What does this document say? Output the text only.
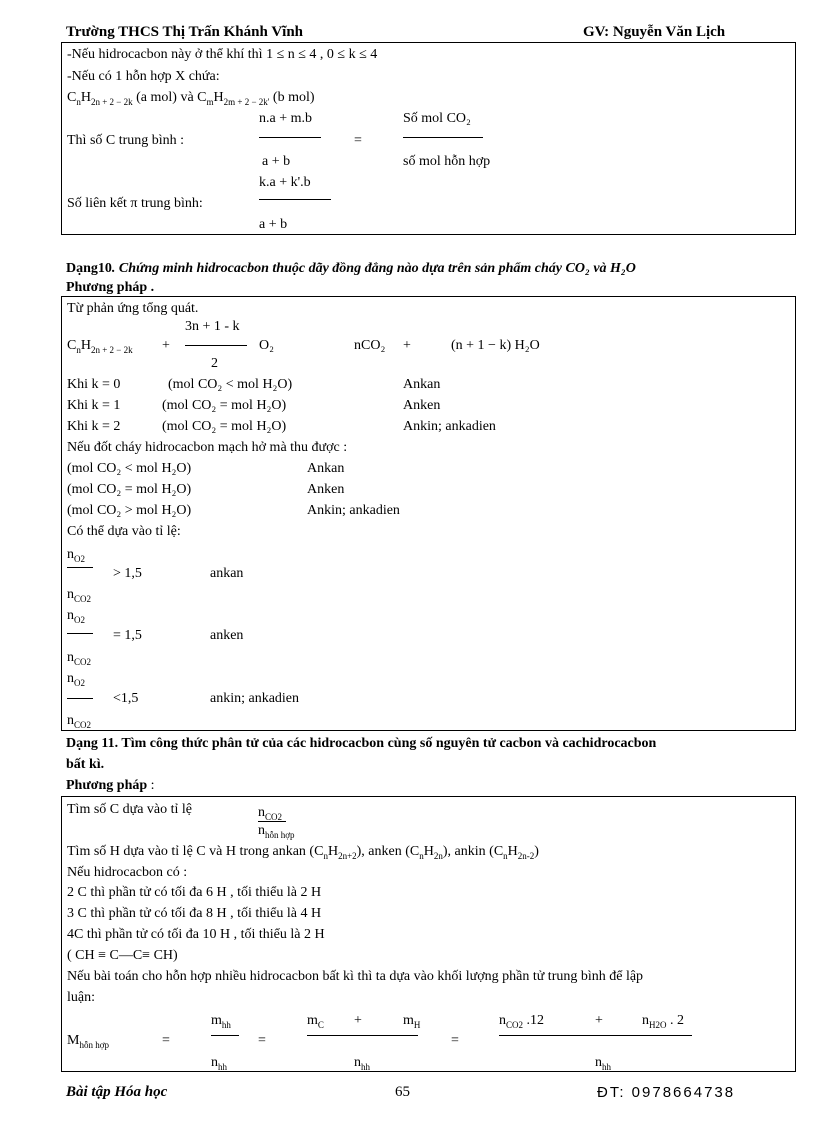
Trường THCS Thị Trấn Khánh Vĩnh	GV: Nguyễn Văn Lịch
-Nếu hidrocacbon này ở thể khí thì 1 ≤ n ≤ 4 , 0 ≤ k ≤ 4
-Nếu có 1 hỗn hợp X chứa:
$C_nH_{2n + 2 - 2k}$ (a mol) và $C_mH_{2m + 2 - 2k'}$ (b mol)
n.a + m.b
Thì số C trung bình :
a + b
=
Số mol CO₂
số mol hỗn hợp
k.a + k'.b
Số liên kết π trung bình:
a + b
Dạng10. Chứng minh hidrocacbon thuộc dãy đồng đẳng nào dựa trên sản phẩm cháy CO₂ và H₂O
Phương pháp .
Từ phản ứng tổng quát.
3n + 1 - k
2
$C_nH_{2n + 2 - 2k}$ +	O₂	nCO₂ +	(n + 1 − k) H₂O
Khi k = 0	(mol CO₂ < mol H₂O)	Ankan
Khi k = 1	(mol CO₂ = mol H₂O)	Anken
Khi k = 2	(mol CO₂ = mol H₂O)	Ankin; ankadien
Nếu đốt cháy hidrocacbon mạch hở mà thu được :
(mol CO₂ < mol H₂O)	Ankan
(mol CO₂ = mol H₂O)	Anken
(mol CO₂ > mol H₂O)	Ankin; ankadien
Có thể dựa vào tỉ lệ:
$n_{O2}$
> 1,5	ankan
$n_{CO2}$
$n_{O2}$
= 1,5	anken
$n_{CO2}$
$n_{O2}$
<1,5	ankin; ankadien
$n_{CO2}$
Dạng 11. Tìm công thức phân tử của các hidrocacbon cùng số nguyên tử cacbon và cachidrocacbon
bất kì.
Phương pháp :
Tìm số C dựa vào tỉ lệ	$n_{CO2}$
$n_{hỗn hợp}$
Tìm số H dựa vào tỉ lệ C và H trong ankan $(C_nH_{2n+2})$, anken $(C_nH_{2n})$, ankin $(C_nH_{2n-2})$
Nếu hidrocacbon có :
2 C thì phần tử có tối đa 6 H , tối thiểu là 2 H
3 C thì phần tử có tối đa 8 H , tối thiểu là 4 H
4C thì phần tử có tối đa 10 H , tối thiểu là 2 H
( CH ≡ C—C≡ CH)
Nếu bài toán cho hỗn hợp nhiều hidrocacbon bất kì thì ta dựa vào khối lượng phần tử trung bình để lập
luận:
$M_{hỗn hợp}$	=
$m_{hh}$
$n_{hh}$
=
$m_C$ +	$m_H$
$n_{hh}$
=
$n_{CO2}$ .12	+	$n_{H2O}$ . 2
$n_{hh}$
Bài tập Hóa học	65	ĐT: 0978664738
